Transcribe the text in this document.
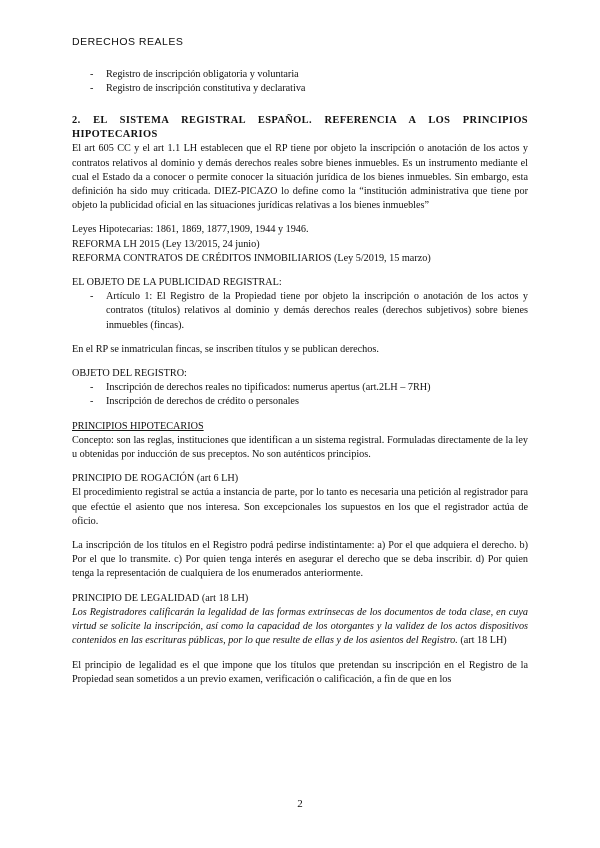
DERECHOS REALES
- Registro de inscripción obligatoria y voluntaria
- Registro de inscripción constitutiva y declarativa

2. EL SISTEMA REGISTRAL ESPAÑOL. REFERENCIA A LOS PRINCIPIOS HIPOTECARIOS

El art 605 CC y el art 1.1 LH establecen que el RP tiene por objeto la inscripción o anotación de los actos y contratos relativos al dominio y demás derechos reales sobre bienes inmuebles. Es un instrumento mediante el cual el Estado da a conocer o permite conocer la situación jurídica de los bienes inmuebles. Sin embargo, esta definición ha sido muy criticada. DIEZ-PICAZO lo define como la “institución administrativa que tiene por objeto la publicidad oficial en las situaciones jurídicas relativas a los bienes inmuebles”

Leyes Hipotecarias: 1861, 1869, 1877,1909, 1944 y 1946.

REFORMA LH 2015 (Ley 13/2015, 24 junio)

REFORMA CONTRATOS DE CRÉDITOS INMOBILIARIOS (Ley 5/2019, 15 marzo)

EL OBJETO DE LA PUBLICIDAD REGISTRAL:

- Artículo 1: El Registro de la Propiedad tiene por objeto la inscripción o anotación de los actos y contratos (títulos) relativos al dominio y demás derechos reales (derechos subjetivos) sobre bienes inmuebles (fincas).

En el RP se inmatriculan fincas, se inscriben títulos y se publican derechos.

OBJETO DEL REGISTRO:

- Inscripción de derechos reales no tipificados: numerus apertus (art.2LH – 7RH)
- Inscripción de derechos de crédito o personales

PRINCIPIOS HIPOTECARIOS

Concepto: son las reglas, instituciones que identifican a un sistema registral. Formuladas directamente de la ley u obtenidas por inducción de sus preceptos. No son auténticos principios.

PRINCIPIO DE ROGACIÓN (art 6 LH)

El procedimiento registral se actúa a instancia de parte, por lo tanto es necesaria una petición al registrador para que efectúe el asiento que nos interesa. Son excepcionales los supuestos en los que el registrador actúa de oficio.

La inscripción de los títulos en el Registro podrá pedirse indistintamente: a) Por el que adquiera el derecho. b) Por el que lo transmite. c) Por quien tenga interés en asegurar el derecho que se deba inscribir. d) Por quien tenga la representación de cualquiera de los enumerados anteriormente.

PRINCIPIO DE LEGALIDAD (art 18 LH)

Los Registradores calificarán la legalidad de las formas extrínsecas de los documentos de toda clase, en cuya virtud se solicite la inscripción, así como la capacidad de los otorgantes y la validez de los actos dispositivos contenidos en las escrituras públicas, por lo que resulte de ellas y de los asientos del Registro. (art 18 LH)

El principio de legalidad es el que impone que los títulos que pretendan su inscripción en el Registro de la Propiedad sean sometidos a un previo examen, verificación o calificación, a fin de que en los

2
